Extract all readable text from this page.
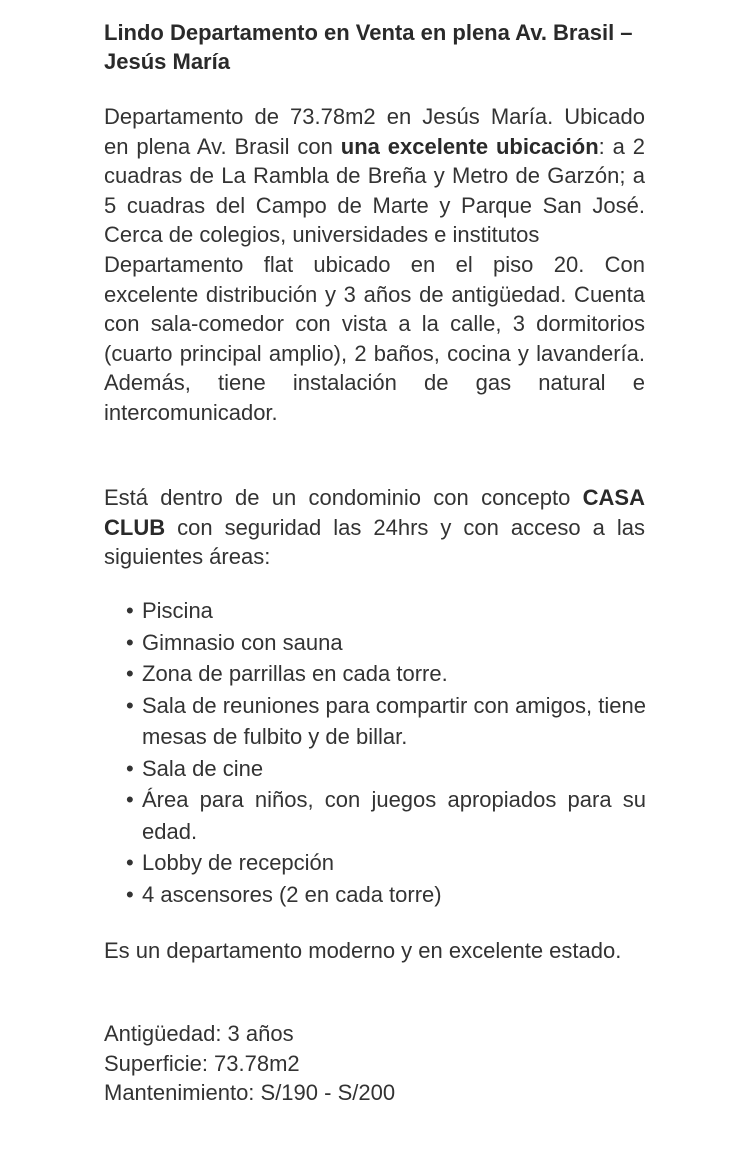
Lindo Departamento en Venta en plena Av. Brasil – Jesús María

Departamento de 73.78m2 en Jesús María. Ubicado en plena Av. Brasil con una excelente ubicación: a 2 cuadras de La Rambla de Breña y Metro de Garzón; a 5 cuadras del Campo de Marte y Parque San José. Cerca de colegios, universidades e institutos
Departamento flat ubicado en el piso 20. Con excelente distribución y 3 años de antigüedad. Cuenta con sala-comedor con vista a la calle, 3 dormitorios (cuarto principal amplio), 2 baños, cocina y lavandería. Además, tiene instalación de gas natural e intercomunicador.

Está dentro de un condominio con concepto CASA CLUB con seguridad las 24hrs y con acceso a las siguientes áreas:

• Piscina
• Gimnasio con sauna
• Zona de parrillas en cada torre.
• Sala de reuniones para compartir con amigos, tiene mesas de fulbito y de billar.
• Sala de cine
• Área para niños, con juegos apropiados para su edad.
• Lobby de recepción
• 4 ascensores (2 en cada torre)

Es un departamento moderno y en excelente estado.

Antigüedad: 3 años
Superficie: 73.78m2
Mantenimiento: S/190 - S/200
